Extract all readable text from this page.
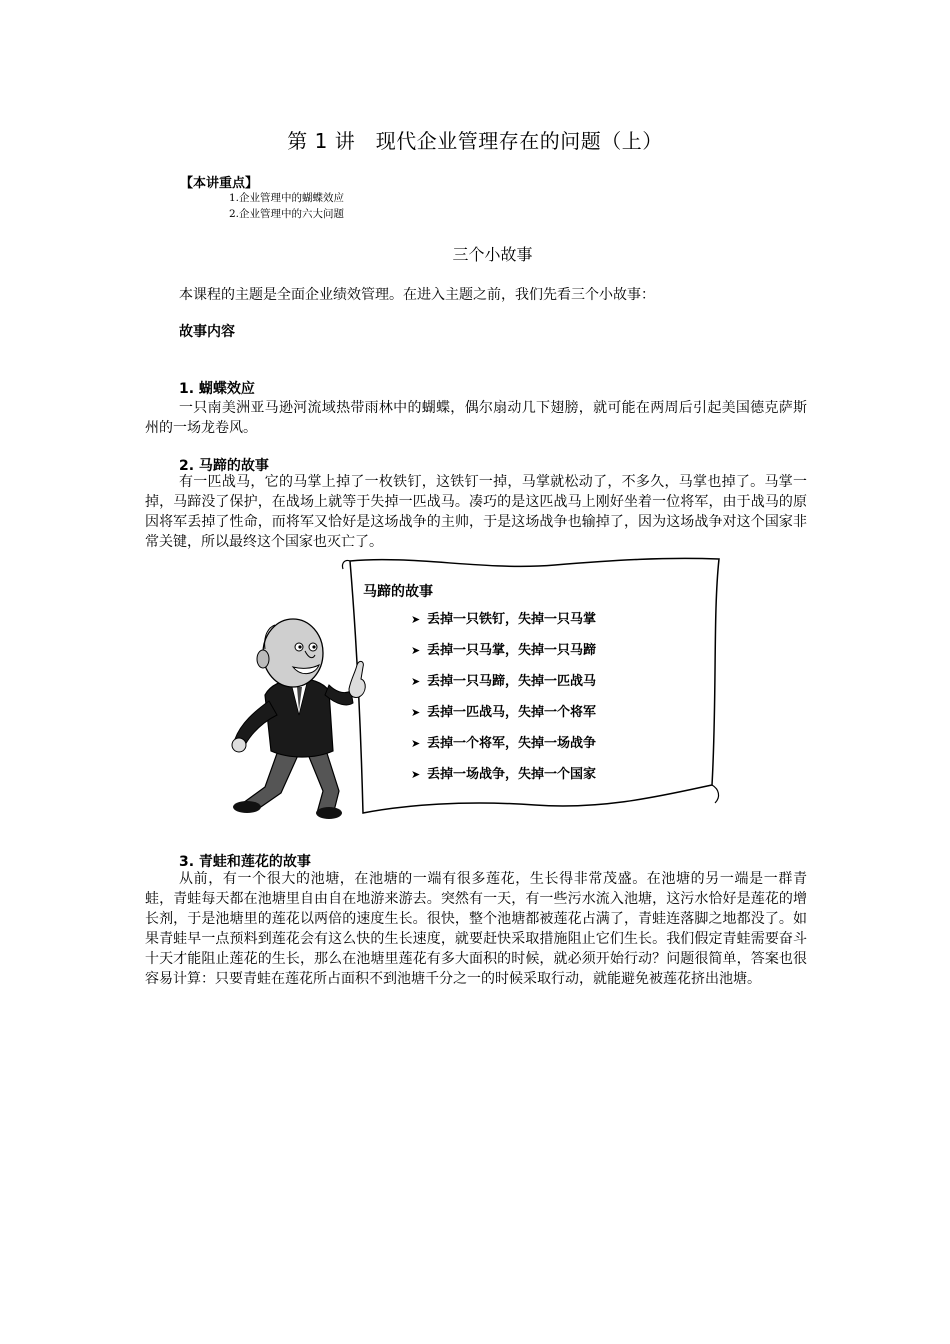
第 1 讲　现代企业管理存在的问题（上）
【本讲重点】
1.企业管理中的蝴蝶效应
2.企业管理中的六大问题
三个小故事
本课程的主题是全面企业绩效管理。在进入主题之前，我们先看三个小故事：
故事内容
1. 蝴蝶效应
一只南美洲亚马逊河流域热带雨林中的蝴蝶，偶尔扇动几下翅膀，就可能在两周后引起美国德克萨斯州的一场龙卷风。
2. 马蹄的故事
有一匹战马，它的马掌上掉了一枚铁钉，这铁钉一掉，马掌就松动了，不多久，马掌也掉了。马掌一掉，马蹄没了保护，在战场上就等于失掉一匹战马。凑巧的是这匹战马上刚好坐着一位将军，由于战马的原因将军丢掉了性命，而将军又恰好是这场战争的主帅，于是这场战争也输掉了，因为这场战争对这个国家非常关键，所以最终这个国家也灭亡了。
马蹄的故事
➤ 丢掉一只铁钉，失掉一只马掌
➤ 丢掉一只马掌，失掉一只马蹄
➤ 丢掉一只马蹄，失掉一匹战马
➤ 丢掉一匹战马，失掉一个将军
➤ 丢掉一个将军，失掉一场战争
➤ 丢掉一场战争，失掉一个国家
3. 青蛙和莲花的故事
从前，有一个很大的池塘，在池塘的一端有很多莲花，生长得非常茂盛。在池塘的另一端是一群青蛙，青蛙每天都在池塘里自由自在地游来游去。突然有一天，有一些污水流入池塘，这污水恰好是莲花的增长剂，于是池塘里的莲花以两倍的速度生长。很快，整个池塘都被莲花占满了，青蛙连落脚之地都没了。如果青蛙早一点预料到莲花会有这么快的生长速度，就要赶快采取措施阻止它们生长。我们假定青蛙需要奋斗十天才能阻止莲花的生长，那么在池塘里莲花有多大面积的时候，就必须开始行动？问题很简单，答案也很容易计算：只要青蛙在莲花所占面积不到池塘千分之一的时候采取行动，就能避免被莲花挤出池塘。
